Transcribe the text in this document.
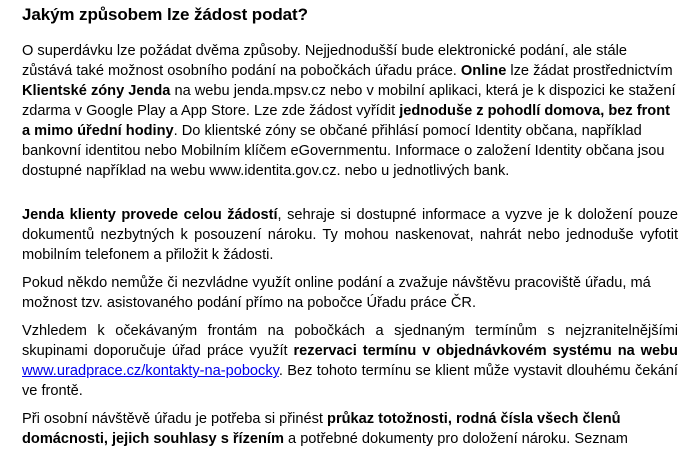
Jakým způsobem lze žádost podat?

O superdávku lze požádat dvěma způsoby. Nejjednodušší bude elektronické podání, ale stále zůstává také možnost osobního podání na pobočkách úřadu práce. Online lze žádat prostřednictvím Klientské zóny Jenda na webu jenda.mpsv.cz nebo v mobilní aplikaci, která je k dispozici ke stažení zdarma v Google Play a App Store. Lze zde žádost vyřídit jednoduše z pohodlí domova, bez front a mimo úřední hodiny. Do klientské zóny se občané přihlásí pomocí Identity občana, například bankovní identitou nebo Mobilním klíčem eGovernmentu. Informace o založení Identity občana jsou dostupné například na webu www.identita.gov.cz. nebo u jednotlivých bank.

Jenda klienty provede celou žádostí, sehraje si dostupné informace a vyzve je k doložení pouze dokumentů nezbytných k posouzení nároku. Ty mohou naskenovat, nahrát nebo jednoduše vyfotit mobilním telefonem a přiložit k žádosti.

Pokud někdo nemůže či nezvládne využít online podání a zvažuje návštěvu pracoviště úřadu, má možnost tzv. asistovaného podání přímo na pobočce Úřadu práce ČR.

Vzhledem k očekávaným frontám na pobočkách a sjednaným termínům s nejzranitelnějšími skupinami doporučuje úřad práce využít rezervaci termínu v objednávkovém systému na webu www.uradprace.cz/kontakty-na-pobocky. Bez tohoto termínu se klient může vystavit dlouhému čekání ve frontě.

Při osobní návštěvě úřadu je potřeba si přinést průkaz totožnosti, rodná čísla všech členů domácnosti, jejich souhlasy s řízením a potřebné dokumenty pro doložení nároku. Seznam
